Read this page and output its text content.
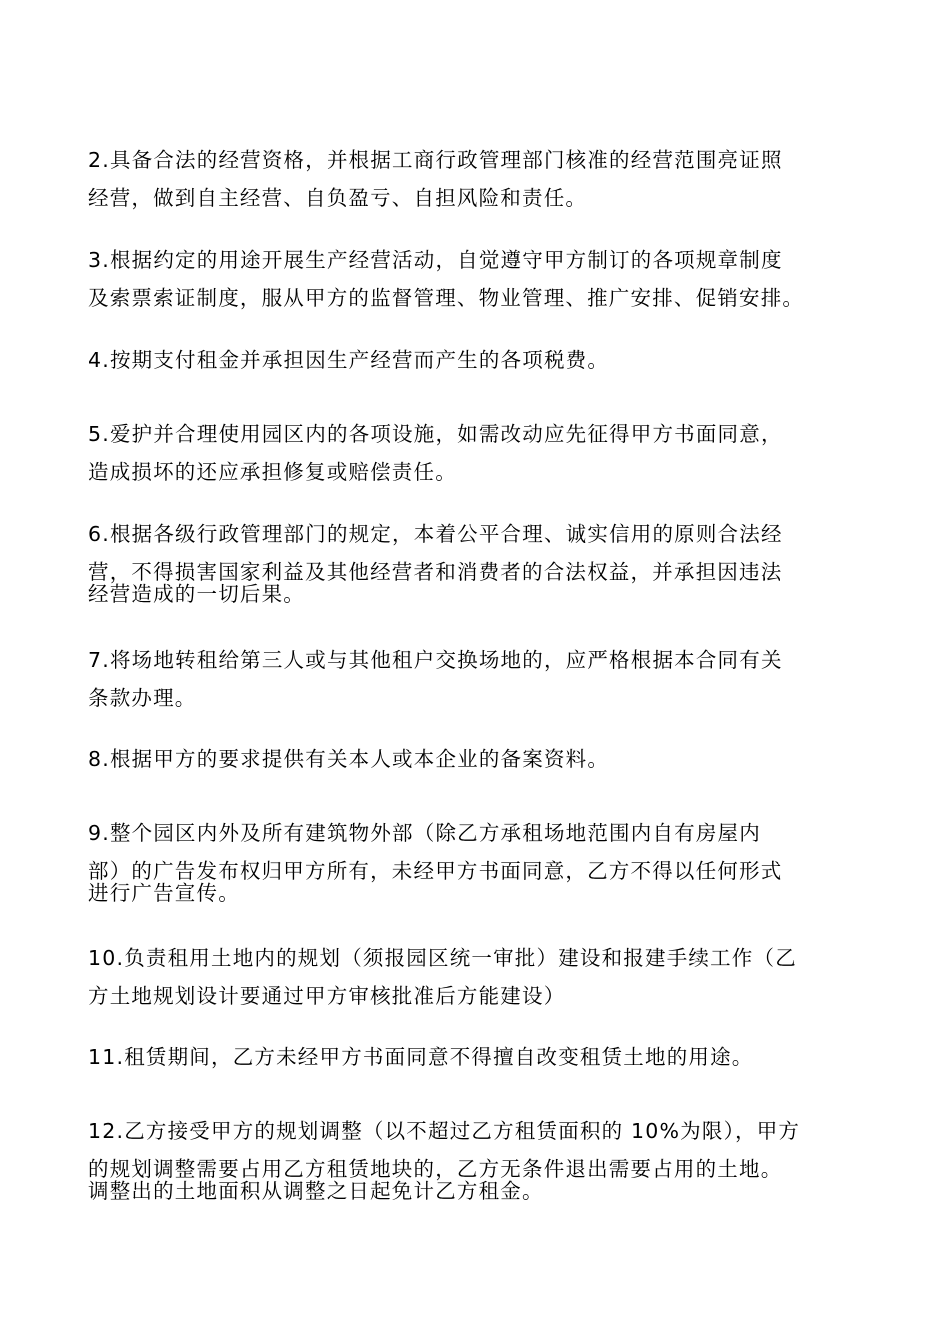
2.具备合法的经营资格，并根据工商行政管理部门核准的经营范围亮证照
经营，做到自主经营、自负盈亏、自担风险和责任。

3.根据约定的用途开展生产经营活动，自觉遵守甲方制订的各项规章制度
及索票索证制度，服从甲方的监督管理、物业管理、推广安排、促销安排。

4.按期支付租金并承担因生产经营而产生的各项税费。

5.爱护并合理使用园区内的各项设施，如需改动应先征得甲方书面同意，
造成损坏的还应承担修复或赔偿责任。

6.根据各级行政管理部门的规定，本着公平合理、诚实信用的原则合法经
营，不得损害国家利益及其他经营者和消费者的合法权益，并承担因违法
经营造成的一切后果。

7.将场地转租给第三人或与其他租户交换场地的，应严格根据本合同有关
条款办理。

8.根据甲方的要求提供有关本人或本企业的备案资料。

9.整个园区内外及所有建筑物外部（除乙方承租场地范围内自有房屋内
部）的广告发布权归甲方所有，未经甲方书面同意，乙方不得以任何形式
进行广告宣传。

10.负责租用土地内的规划（须报园区统一审批）建设和报建手续工作（乙
方土地规划设计要通过甲方审核批准后方能建设）

11.租赁期间，乙方未经甲方书面同意不得擅自改变租赁土地的用途。

12.乙方接受甲方的规划调整（以不超过乙方租赁面积的 10%为限），甲方
的规划调整需要占用乙方租赁地块的，乙方无条件退出需要占用的土地。
调整出的土地面积从调整之日起免计乙方租金。
